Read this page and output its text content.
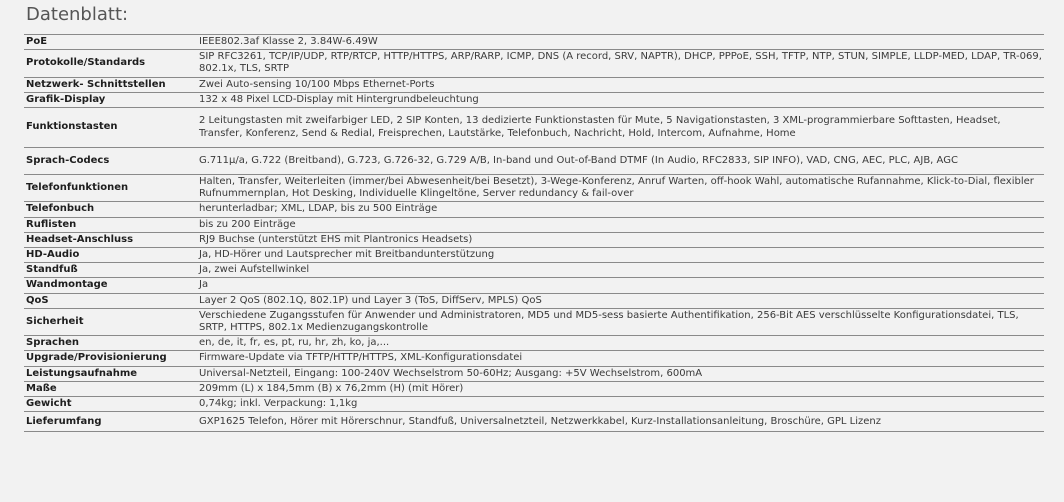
Datenblatt:
PoE	IEEE802.3af Klasse 2, 3.84W-6.49W
Protokolle/Standards	SIP RFC3261, TCP/IP/UDP, RTP/RTCP, HTTP/HTTPS, ARP/RARP, ICMP, DNS (A record, SRV, NAPTR), DHCP, PPPoE, SSH, TFTP, NTP, STUN, SIMPLE, LLDP-MED, LDAP, TR-069, 802.1x, TLS, SRTP
Netzwerk- Schnittstellen	Zwei Auto-sensing 10/100 Mbps Ethernet-Ports
Grafik-Display	132 x 48 Pixel LCD-Display mit Hintergrundbeleuchtung
Funktionstasten	2 Leitungstasten mit zweifarbiger LED, 2 SIP Konten, 13 dedizierte Funktionstasten für Mute, 5 Navigationstasten, 3 XML-programmierbare Softtasten, Headset, Transfer, Konferenz, Send & Redial, Freisprechen, Lautstärke, Telefonbuch, Nachricht, Hold, Intercom, Aufnahme, Home
Sprach-Codecs	G.711µ/a, G.722 (Breitband), G.723, G.726-32, G.729 A/B, In-band und Out-of-Band DTMF (In Audio, RFC2833, SIP INFO), VAD, CNG, AEC, PLC, AJB, AGC
Telefonfunktionen	Halten, Transfer, Weiterleiten (immer/bei Abwesenheit/bei Besetzt), 3-Wege-Konferenz, Anruf Warten, off-hook Wahl, automatische Rufannahme, Klick-to-Dial, flexibler Rufnummernplan, Hot Desking, Individuelle Klingeltöne, Server redundancy & fail-over
Telefonbuch	herunterladbar; XML, LDAP, bis zu 500 Einträge
Ruflisten	bis zu 200 Einträge
Headset-Anschluss	RJ9 Buchse (unterstützt EHS mit Plantronics Headsets)
HD-Audio	Ja, HD-Hörer und Lautsprecher mit Breitbandunterstützung
Standfuß	Ja, zwei Aufstellwinkel
Wandmontage	Ja
QoS	Layer 2 QoS (802.1Q, 802.1P) und Layer 3 (ToS, DiffServ, MPLS) QoS
Sicherheit	Verschiedene Zugangsstufen für Anwender und Administratoren, MD5 und MD5-sess basierte Authentifikation, 256-Bit AES verschlüsselte Konfigurationsdatei, TLS, SRTP, HTTPS, 802.1x Medienzugangskontrolle
Sprachen	en, de, it, fr, es, pt, ru, hr, zh, ko, ja,...
Upgrade/Provisionierung	Firmware-Update via TFTP/HTTP/HTTPS, XML-Konfigurationsdatei
Leistungsaufnahme	Universal-Netzteil, Eingang: 100-240V Wechselstrom 50-60Hz; Ausgang: +5V Wechselstrom, 600mA
Maße	209mm (L) x 184,5mm (B) x 76,2mm (H) (mit Hörer)
Gewicht	0,74kg; inkl. Verpackung: 1,1kg
Lieferumfang	GXP1625 Telefon, Hörer mit Hörerschnur, Standfuß, Universalnetzteil, Netzwerkkabel, Kurz-Installationsanleitung, Broschüre, GPL Lizenz
